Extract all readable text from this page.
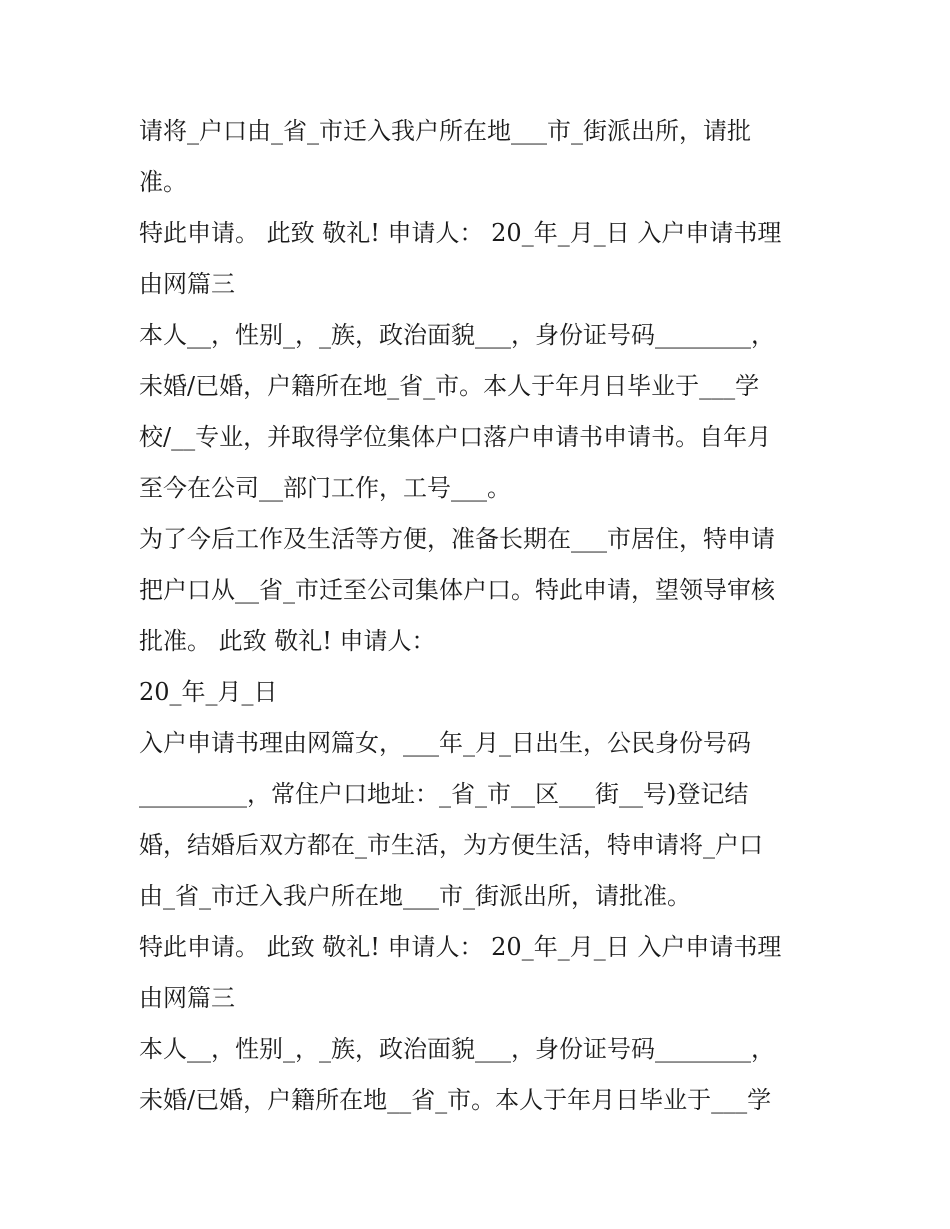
请将_户口由_省_市迁入我户所在地___市_街派出所，请批
准。
特此申请。 此致 敬礼! 申请人： 20_年_月_日 入户申请书理
由网篇三
本人__，性别_，_族，政治面貌___，身份证号码________，
未婚/已婚，户籍所在地_省_市。本人于年月日毕业于___学
校/__专业，并取得学位集体户口落户申请书申请书。自年月
至今在公司__部门工作，工号___。
为了今后工作及生活等方便，准备长期在___市居住，特申请
把户口从__省_市迁至公司集体户口。特此申请，望领导审核
批准。 此致 敬礼! 申请人：
20_年_月_日
入户申请书理由网篇女，___年_月_日出生，公民身份号码
_________，常住户口地址：_省_市__区___街__号)登记结
婚，结婚后双方都在_市生活，为方便生活，特申请将_户口
由_省_市迁入我户所在地___市_街派出所，请批准。
特此申请。 此致 敬礼! 申请人： 20_年_月_日 入户申请书理
由网篇三
本人__，性别_，_族，政治面貌___，身份证号码________，
未婚/已婚，户籍所在地__省_市。本人于年月日毕业于___学
